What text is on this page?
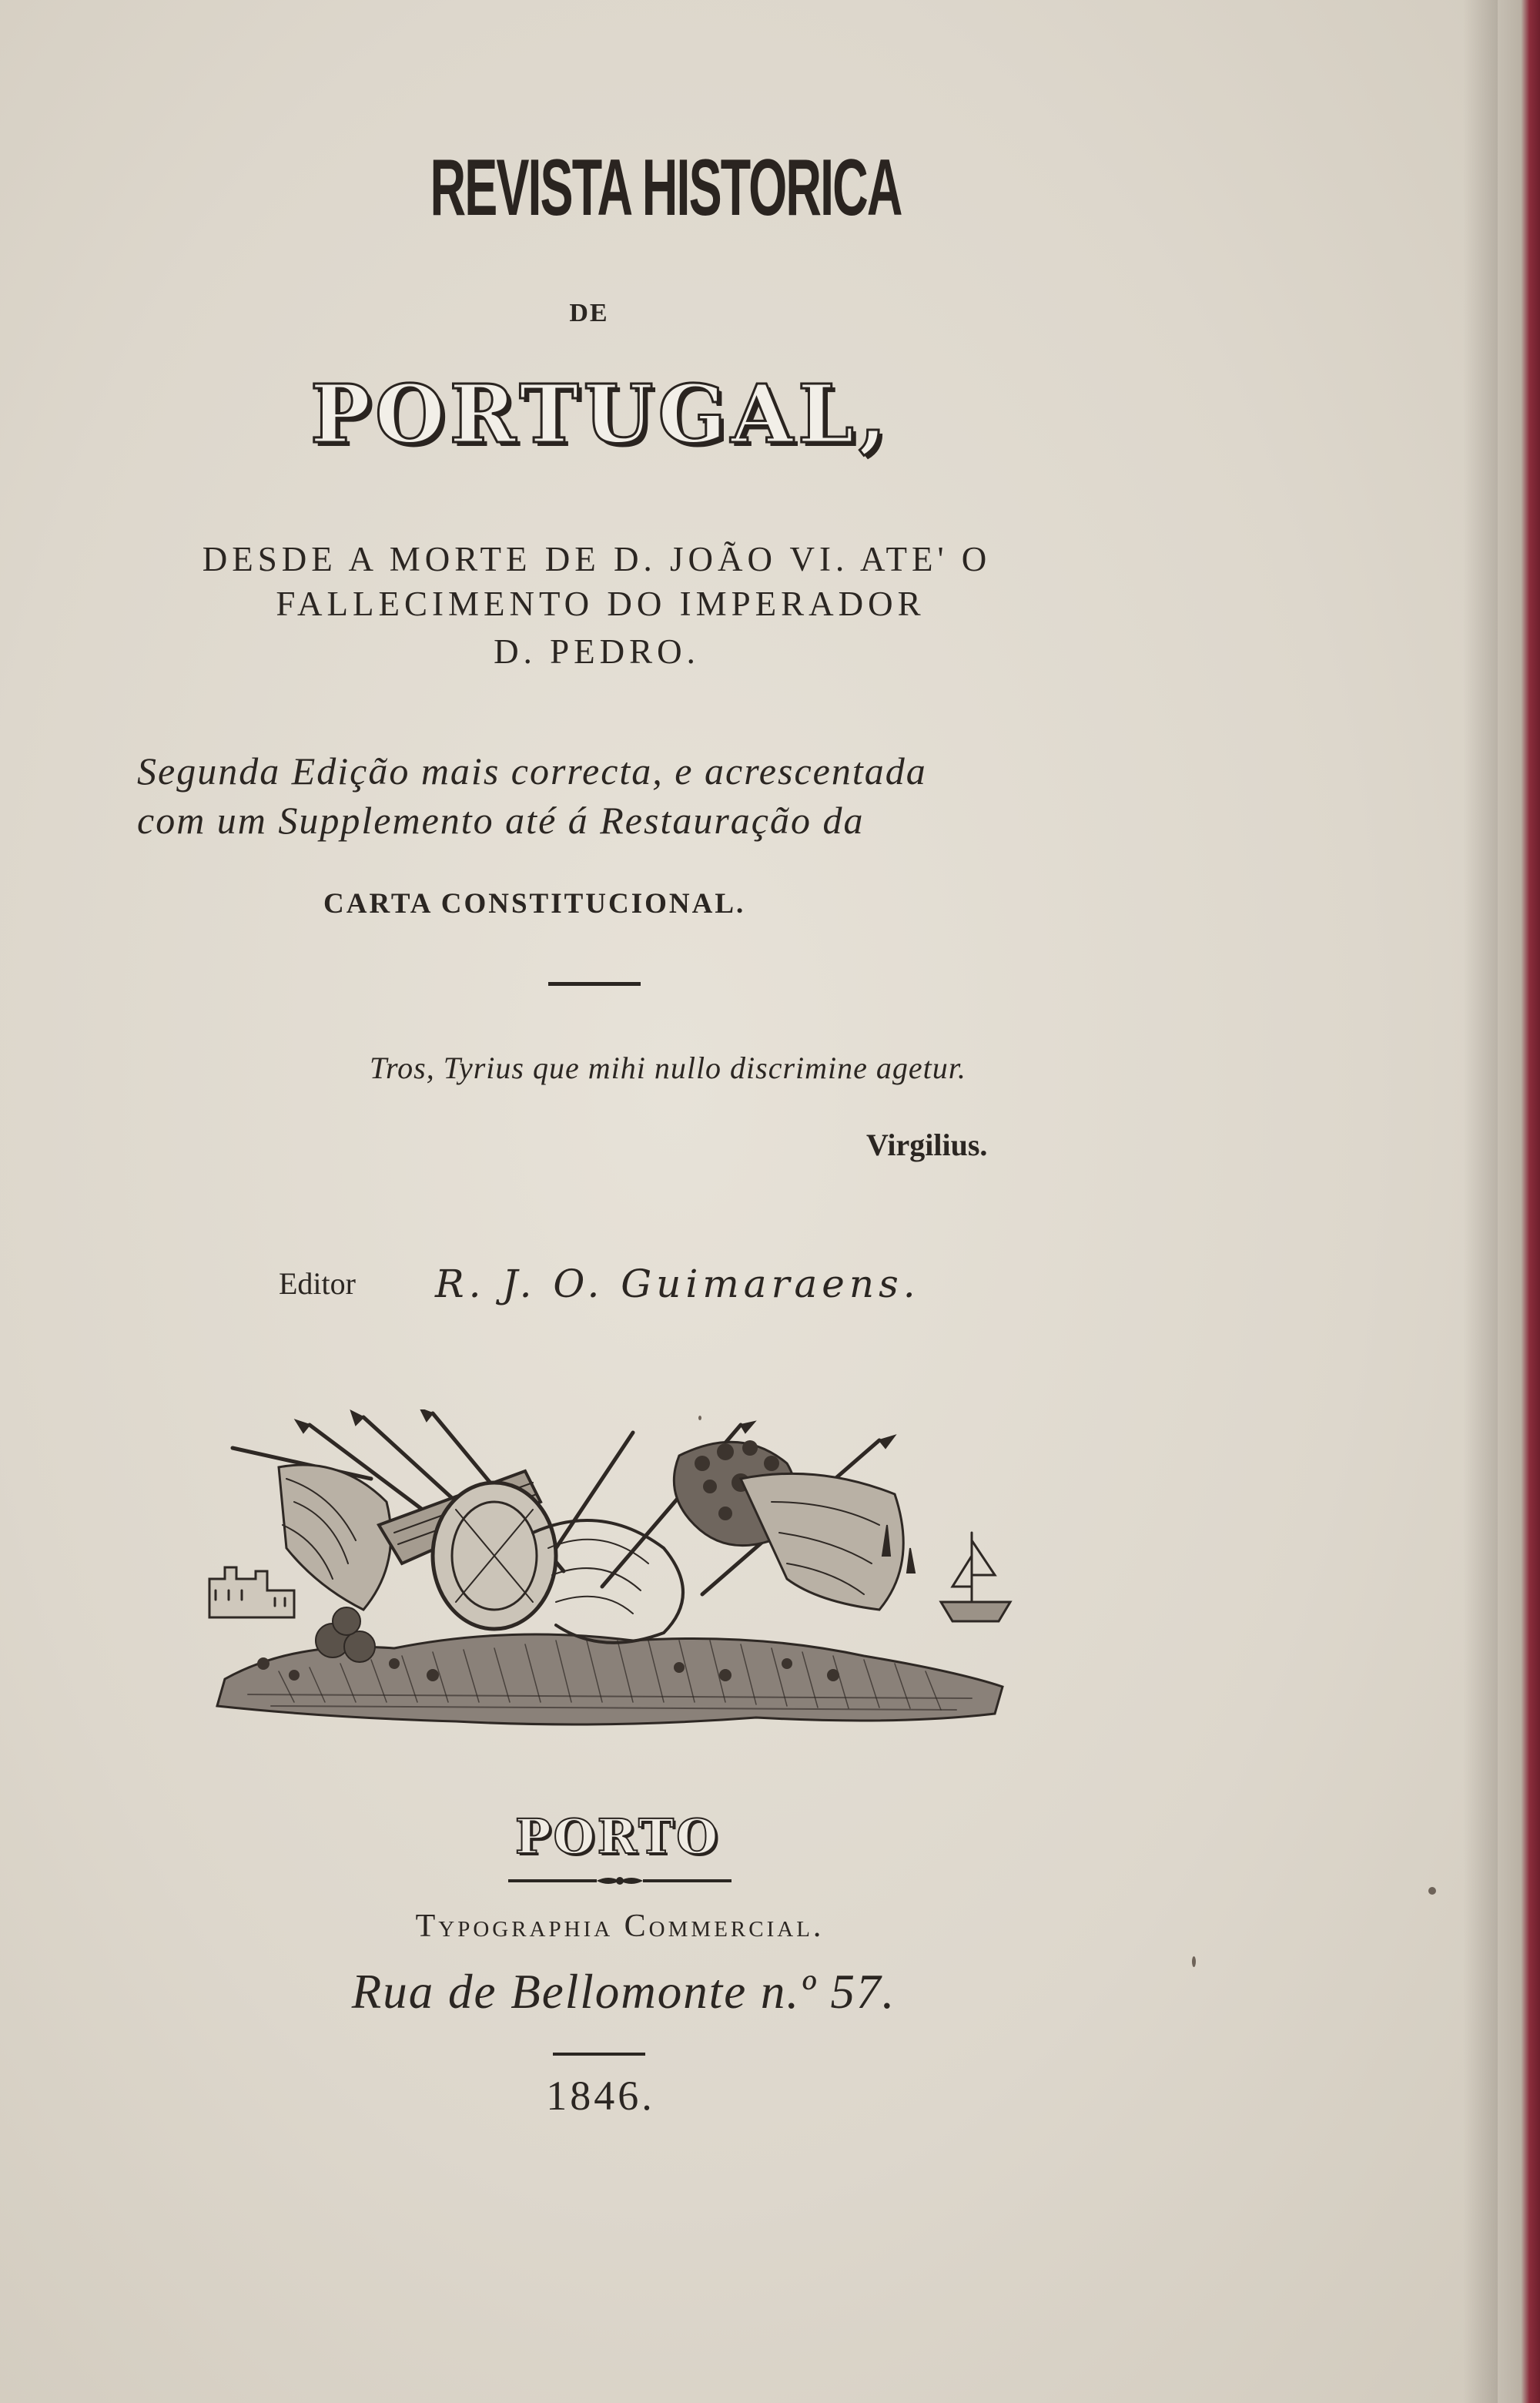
REVISTA HISTORICA
DE
PORTUGAL,
DESDE A MORTE DE D. JOÃO VI. ATE' O
FALLECIMENTO DO IMPERADOR
D. PEDRO.
Segunda Edição mais correcta, e acrescentada
com um Supplemento até á Restauração da
CARTA CONSTITUCIONAL.
Tros, Tyrius que mihi nullo discrimine agetur.
Virgilius.
Editor R. J. O. Guimaraens.
PORTO
Typographia Commercial.
Rua de Bellomonte n.º 57.
1846.
